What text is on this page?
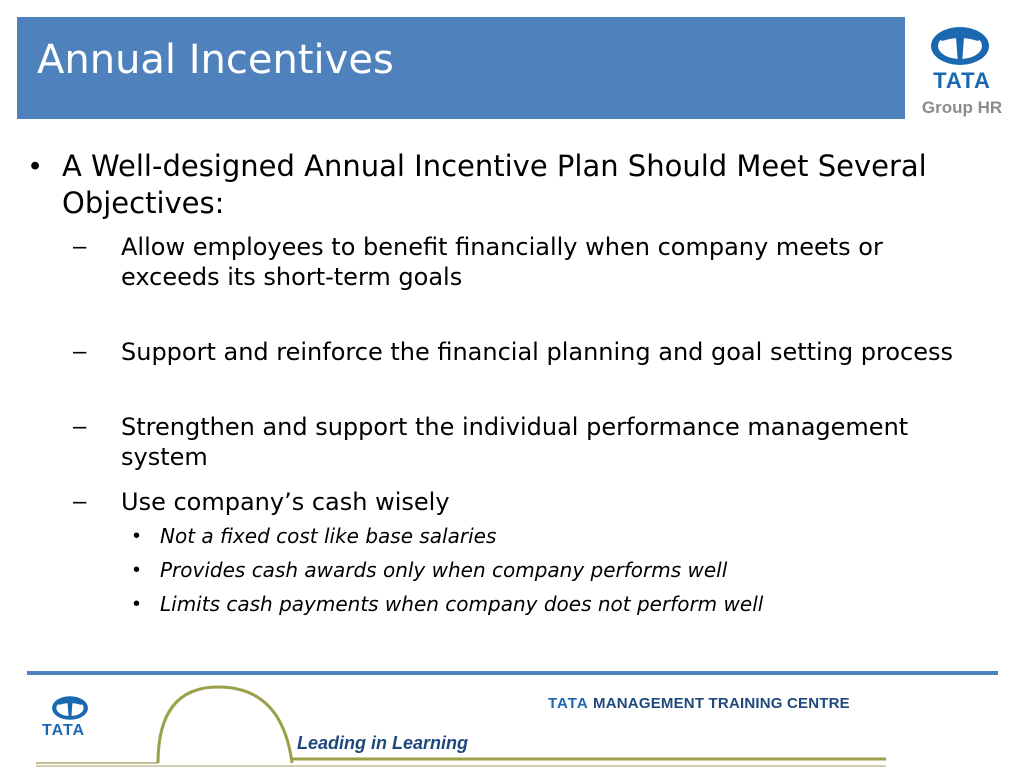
Annual Incentives	TATA
Group HR
• A Well-designed Annual Incentive Plan Should Meet Several Objectives:
– Allow employees to benefit financially when company meets or exceeds its short-term goals
– Support and reinforce the financial planning and goal setting process
– Strengthen and support the individual performance management system
– Use company’s cash wisely
• Not a fixed cost like base salaries
• Provides cash awards only when company performs well
• Limits cash payments when company does not perform well
TATA
TATA MANAGEMENT TRAINING CENTRE
Leading in Learning
